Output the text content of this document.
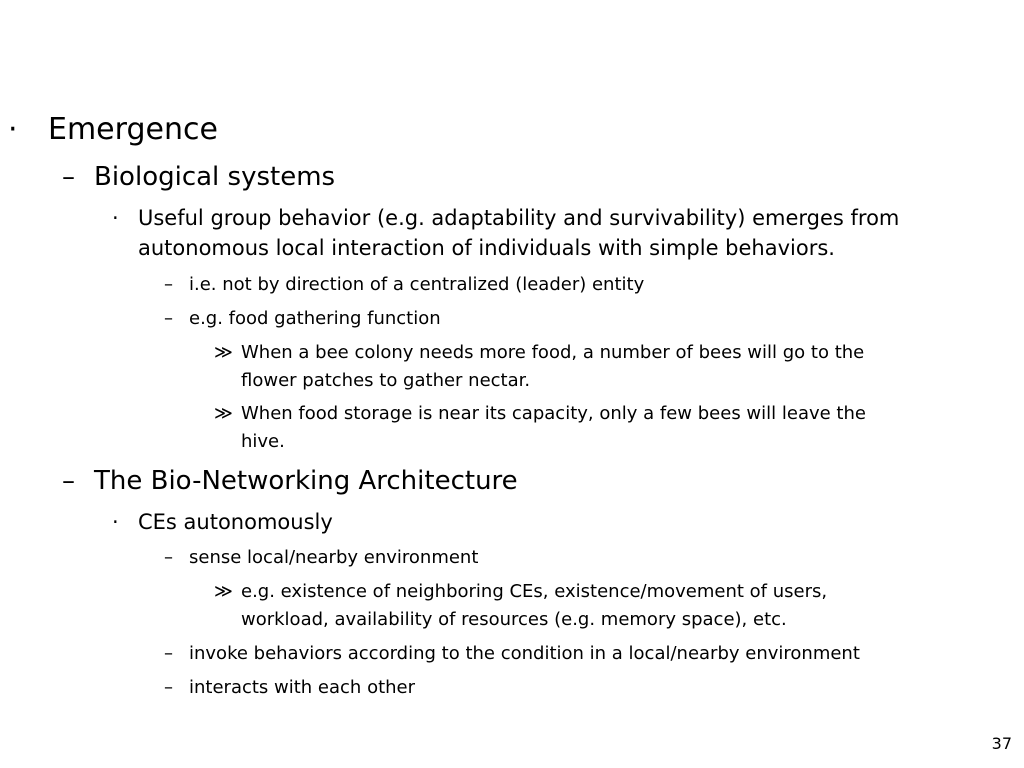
· Emergence
– Biological systems
· Useful group behavior (e.g. adaptability and survivability) emerges from
autonomous local interaction of individuals with simple behaviors.
– i.e. not by direction of a centralized (leader) entity
– e.g. food gathering function
≫ When a bee colony needs more food, a number of bees will go to the
flower patches to gather nectar.
≫ When food storage is near its capacity, only a few bees will leave the
hive.
– The Bio-Networking Architecture
· CEs autonomously
– sense local/nearby environment
≫ e.g. existence of neighboring CEs, existence/movement of users,
workload, availability of resources (e.g. memory space), etc.
– invoke behaviors according to the condition in a local/nearby environment
– interacts with each other
37
